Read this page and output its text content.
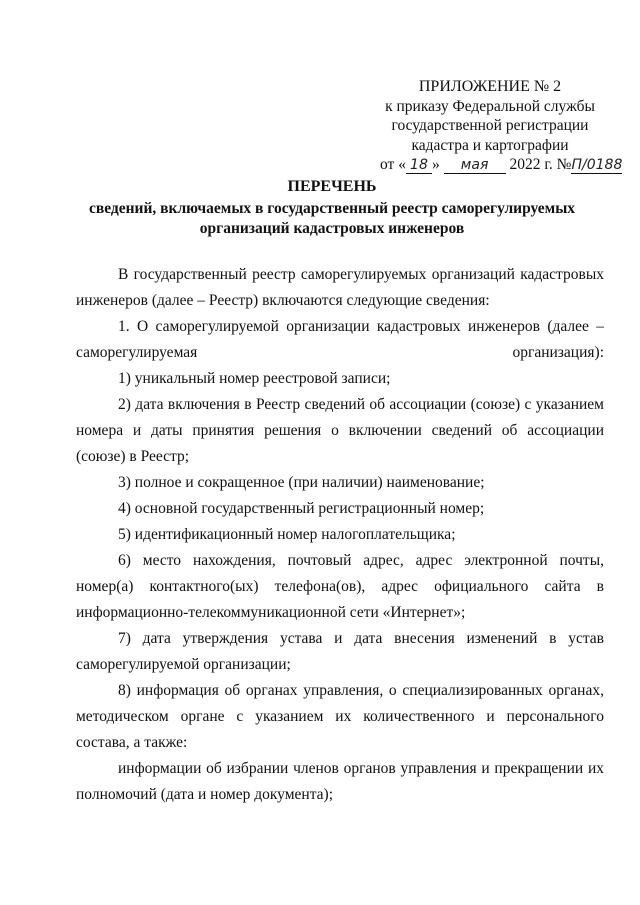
ПРИЛОЖЕНИЕ № 2
к приказу Федеральной службы
государственной регистрации
кадастра и картографии
от « 18 » мая 2022 г. №П/0188
ПЕРЕЧЕНЬ
сведений, включаемых в государственный реестр саморегулируемых организаций кадастровых инженеров

В государственный реестр саморегулируемых организаций кадастровых инженеров (далее – Реестр) включаются следующие сведения:

1. О саморегулируемой организации кадастровых инженеров (далее – саморегулируемая организация):

1) уникальный номер реестровой записи;

2) дата включения в Реестр сведений об ассоциации (союзе) с указанием номера и даты принятия решения о включении сведений об ассоциации (союзе) в Реестр;

3) полное и сокращенное (при наличии) наименование;

4) основной государственный регистрационный номер;

5) идентификационный номер налогоплательщика;

6) место нахождения, почтовый адрес, адрес электронной почты, номер(а) контактного(ых) телефона(ов), адрес официального сайта в информационно-телекоммуникационной сети «Интернет»;

7) дата утверждения устава и дата внесения изменений в устав саморегулируемой организации;

8) информация об органах управления, о специализированных органах, методическом органе с указанием их количественного и персонального состава, а также:

информации об избрании членов органов управления и прекращении их полномочий (дата и номер документа);
